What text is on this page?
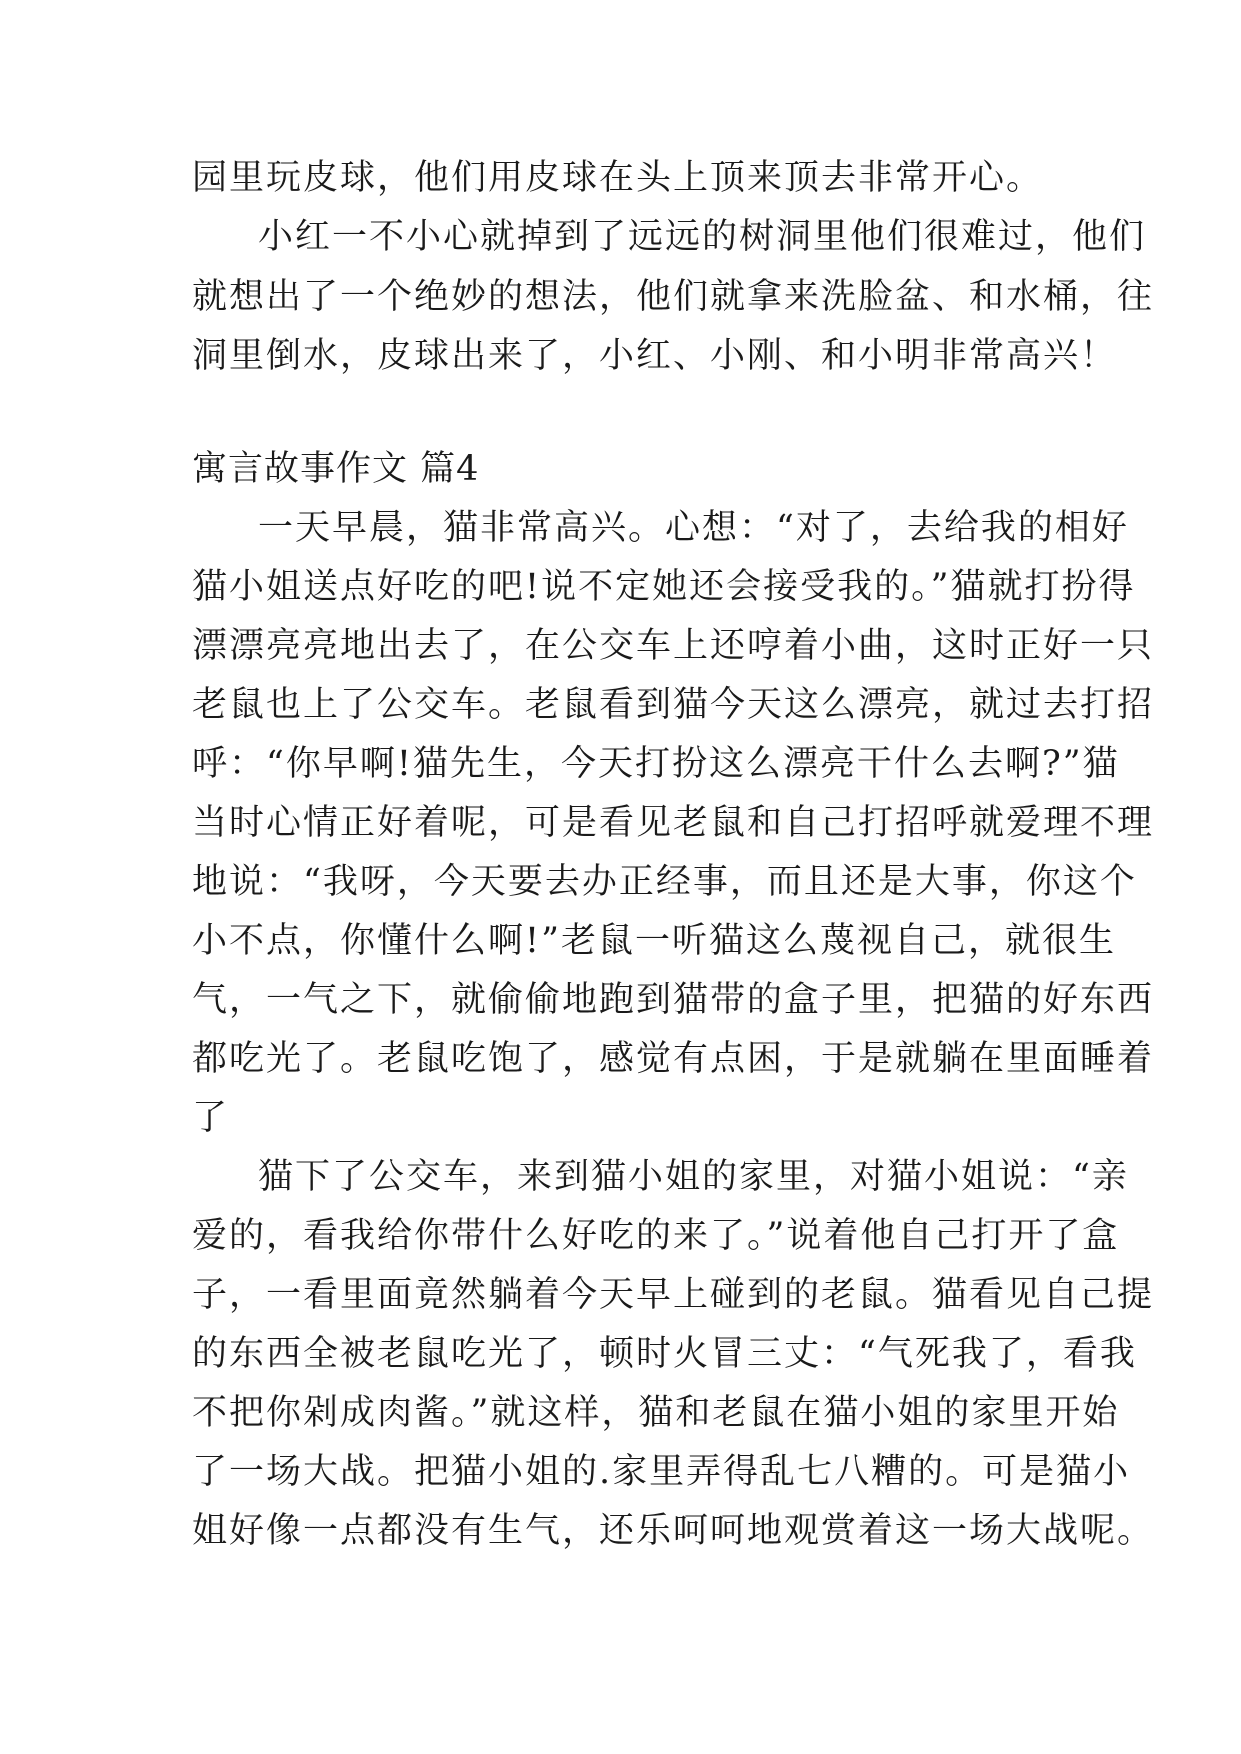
园里玩皮球，他们用皮球在头上顶来顶去非常开心。
小红一不小心就掉到了远远的树洞里他们很难过，他们
就想出了一个绝妙的想法，他们就拿来洗脸盆、和水桶，往
洞里倒水，皮球出来了，小红、小刚、和小明非常高兴！
寓言故事作文 篇4
一天早晨，猫非常高兴。心想：“对了，去给我的相好
猫小姐送点好吃的吧!说不定她还会接受我的。”猫就打扮得
漂漂亮亮地出去了，在公交车上还哼着小曲，这时正好一只
老鼠也上了公交车。老鼠看到猫今天这么漂亮，就过去打招
呼：“你早啊!猫先生，今天打扮这么漂亮干什么去啊?”猫
当时心情正好着呢，可是看见老鼠和自己打招呼就爱理不理
地说：“我呀，今天要去办正经事，而且还是大事，你这个
小不点，你懂什么啊!”老鼠一听猫这么蔑视自己，就很生
气，一气之下，就偷偷地跑到猫带的盒子里，把猫的好东西
都吃光了。老鼠吃饱了，感觉有点困，于是就躺在里面睡着
了
猫下了公交车，来到猫小姐的家里，对猫小姐说：“亲
爱的，看我给你带什么好吃的来了。”说着他自己打开了盒
子，一看里面竟然躺着今天早上碰到的老鼠。猫看见自己提
的东西全被老鼠吃光了，顿时火冒三丈：“气死我了，看我
不把你剁成肉酱。”就这样，猫和老鼠在猫小姐的家里开始
了一场大战。把猫小姐的.家里弄得乱七八糟的。可是猫小
姐好像一点都没有生气，还乐呵呵地观赏着这一场大战呢。
